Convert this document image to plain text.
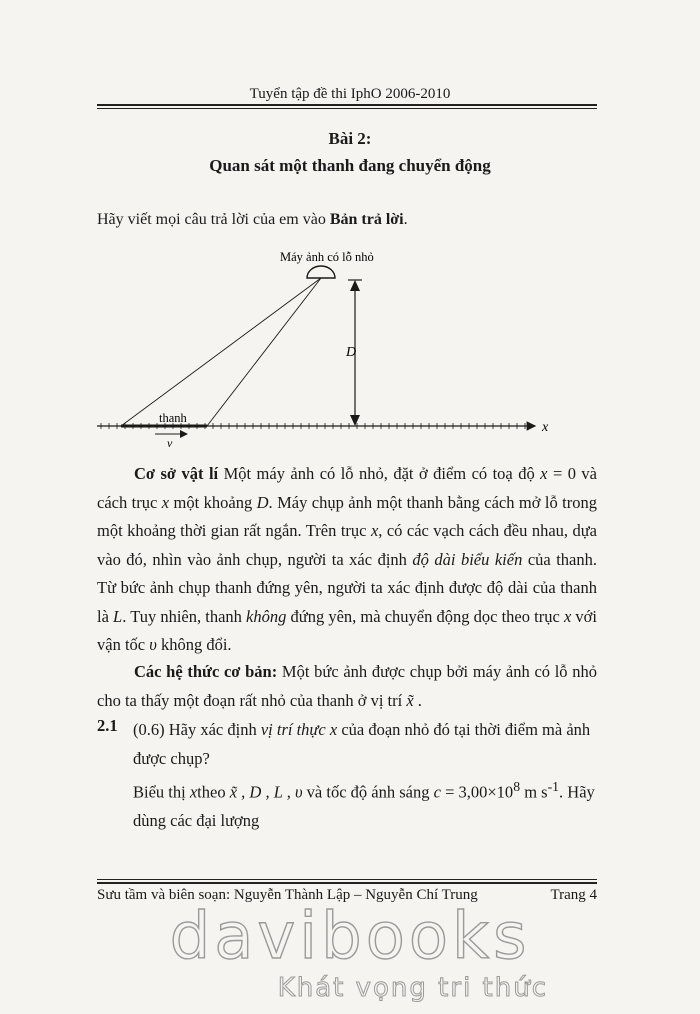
Tuyển tập đề thi IphO 2006-2010
Bài 2:
Quan sát một thanh đang chuyển động
Hãy viết mọi câu trả lời của em vào Bản trả lời.
Máy ảnh có lỗ nhỏ
D
thanh
v
x
Cơ sở vật lí Một máy ảnh có lỗ nhỏ, đặt ở điểm có toạ độ x = 0 và cách trục x một khoảng D. Máy chụp ảnh một thanh bằng cách mở lỗ trong một khoảng thời gian rất ngắn. Trên trục x, có các vạch cách đều nhau, dựa vào đó, nhìn vào ảnh chụp, người ta xác định độ dài biểu kiến của thanh. Từ bức ảnh chụp thanh đứng yên, người ta xác định được độ dài của thanh là L. Tuy nhiên, thanh không đứng yên, mà chuyển động dọc theo trục x với vận tốc υ không đổi.
Các hệ thức cơ bản: Một bức ảnh được chụp bởi máy ảnh có lỗ nhỏ cho ta thấy một đoạn rất nhỏ của thanh ở vị trí x̃ .
2.1 (0.6) Hãy xác định vị trí thực x của đoạn nhỏ đó tại thời điểm mà ảnh được chụp?
Biểu thị xtheo x̃ , D , L , υ và tốc độ ánh sáng $c = 3,00\times 10^8$ m $s^{-1}$. Hãy dùng các đại lượng
Sưu tầm và biên soạn: Nguyễn Thành Lập – Nguyễn Chí Trung	Trang 4
davibooks
Khát vọng tri thức
